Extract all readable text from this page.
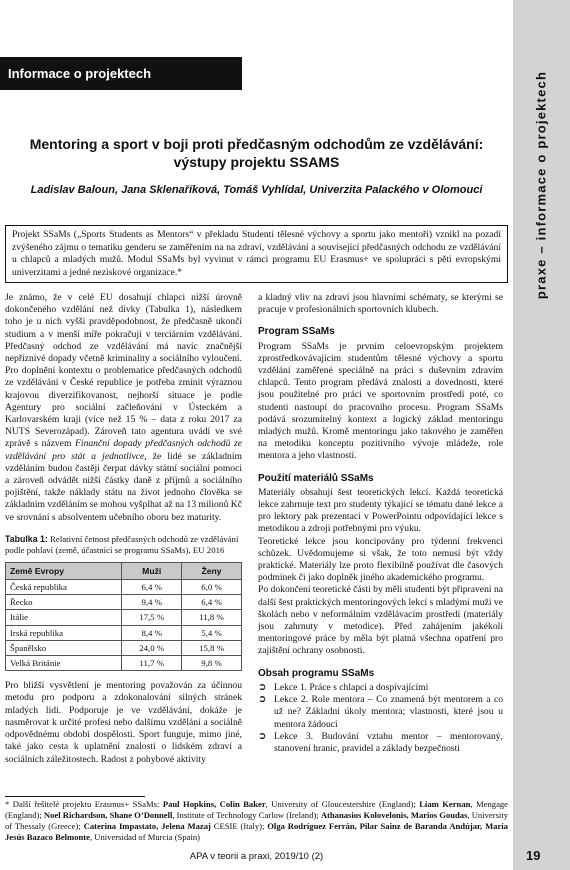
praxe – informace o projektech
Informace o projektech
Mentoring a sport v boji proti předčasným odchodům ze vzdělávání:
výstupy projektu SSAMS
Ladislav Baloun, Jana Sklenaříková, Tomáš Vyhlídal, Univerzita Palackého v Olomouci
Projekt SSaMs („Sports Students as Mentors“ v překladu Studenti tělesné výchovy a sportu jako mentoři) vznikl na pozadí zvýšeného zájmu o tematiku genderu se zaměřením na na zdraví, vzdělávání a související předčasných odchodu ze vzdělávání u chlapců a mladých mužů. Modul SSaMs byl vyvinut v rámci programu EU Erasmus+ ve spolupráci s pěti evropskými univerzitami a jedné neziskové organizace.*

Je známo, že v celé EU dosahují chlapci nižší úrovně dokončeného vzdělání než dívky (Tabulka 1), následkem toho je u nich vyšší pravděpodobnost, že předčasně ukončí studium a v menší míře pokračují v terciárním vzdělávání. Předčasný odchod ze vzdělávání má navíc značnější nepříznivé dopady včetně kriminality a sociálního vyloučení. Pro doplnění kontextu o problematice předčasných odchodů ze vzdělávání v České republice je potřeba zmínit výraznou krajovou diverzifikovanost, nejhorší situace je podle Agentury pro sociální začleňování v Ústeckém a Karlovarském kraji (více než 15 % – data z roku 2017 za NUTS Severozápad). Zároveň tato agentura uvádí ve své zprávě s názvem Finanční dopady předčasných odchodů ze vzdělávání pro stát a jednotlivce, že lidé se základním vzděláním budou častěji čerpat dávky státní sociální pomoci a zároveň odvádět nižší částky daně z příjmů a sociálního pojištění, takže náklady státu na život jednoho člověka se základním vzděláním se mohou vyšplhat až na 13 milionů Kč ve srovnání s absolventem učebního oboru bez maturity.

Tabulka 1: Relativní četnost předčasných odchodů ze vzdělávání podle pohlaví (země, účastnící se programu SSaMs), EU 2016

Země Evropy	Muži	Ženy
Česká republika	6,4 %	6,0 %
Řecko	9,4 %	6,4 %
Itálie	17,5 %	11,8 %
Irská republika	8,4 %	5,4 %
Španělsko	24,0 %	15,8 %
Velká Británie	11,7 %	9,8 %

Pro bližší vysvětlení je mentoring považován za účinnou metodu pro podporu a zdokonalování silných stránek mladých lidí. Podporuje je ve vzdělávání, dokáže je nasměrovat k určité profesi nebo dalšímu vzdělání a sociálně odpovědnému období dospělosti. Sport funguje, mimo jiné, také jako cesta k uplatnění znalostí o lidském zdraví a sociálních záležitostech. Radost z pohybové aktivity

a kladný vliv na zdraví jsou hlavními schématy, se kterými se pracuje v profesionálních sportovních klubech.

Program SSaMs

Program SSaMs je prvním celoevropským projektem zprostředkovávajícím studentům tělesné výchovy a sportu vzdělání zaměřené speciálně na práci s duševním zdravím chlapců. Tento program předává znalosti a dovednosti, které jsou použitelné pro práci ve sportovním prostředí poté, co studenti nastoupí do pracovního procesu. Program SSaMs podává srozumitelný kontext a logický základ mentoringu mladých mužů. Kromě mentoringu jako takového je zaměřen na metodiku konceptu pozitivního vývoje mládeže, role mentora a jeho vlastností.

Použití materiálů SSaMs

Materiály obsahují šest teoretických lekcí. Každá teoretická lekce zahrnuje text pro studenty týkající se tématu dané lekce a pro lektory pak prezentaci v PowerPointu odpovídající lekce s metodikou a zdroji potřebnými pro výuku.

Teoretické lekce jsou koncipovány pro týdenní frekvenci schůzek. Uvědomujeme si však, že toto nemusí být vždy praktické. Materiály lze proto flexibilně používat dle časových podmínek či jako doplněk jiného akademického programu.

Po dokončení teoretické části by měli studenti být připraveni na další šest praktických mentoringových lekcí s mladými muži ve školách nebo v neformálním vzdělávacím prostředí (materiály jsou zahrnuty v metodice). Před zahájením jakékoli mentoringové práce by měla být platná všechna opatření pro zajištění ochrany osobnosti.

Obsah programu SSaMs
➲ Lekce 1. Práce s chlapci a dospívajícími
➲ Lekce 2. Role mentora – Co znamená být mentorem a co už ne? Základní úkoly mentora; vlastnosti, které jsou u mentora žádoucí
➲ Lekce 3. Budování vztahu mentor – mentorovaný, stanovení hranic, pravidel a základy bezpečnosti
* Další řešitelé projektu Erasmus+ SSaMs: Paul Hopkins, Colin Baker, University of Gloucestershire (England); Liam Kernan, Mengage (England); Noel Richardson, Shane O’Donnell, Institute of Technology Carlow (Ireland); Athanasios Kolovelonis, Marios Goudas, University of Thessaly (Greece); Caterina Impastato, Jelena Mazaj CESIE (Italy); Olga Rodríguez Ferrán, Pilar Sainz de Baranda Andújar, María Jesús Bazaco Belmonte, Universidad of Murcia (Spain)
APA v teorii a praxi, 2019/10 (2)	19
